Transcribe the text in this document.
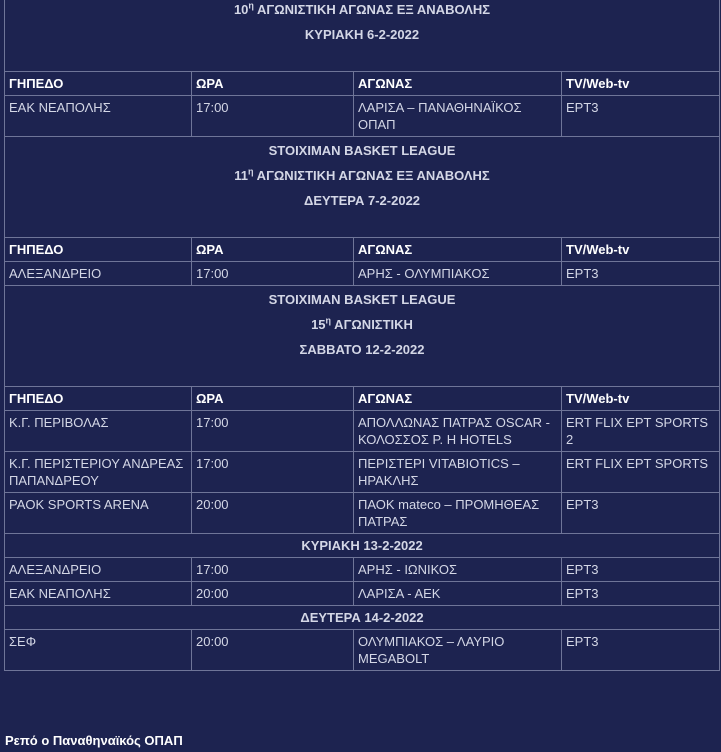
$10^\eta$ ΑΓΩΝΙΣΤΙΚΗ ΑΓΩΝΑΣ ΕΞ ΑΝΑΒΟΛΗΣ			
ΚΥΡΙΑΚΗ 6-2-2022			

ΓΗΠΕΔΟ	ΩΡΑ	ΑΓΩΝΑΣ	TV/Web-tv
ΕΑΚ ΝΕΑΠΟΛΗΣ	17:00	ΛΑΡΙΣΑ – ΠΑΝΑΘΗΝΑΪΚΟΣ ΟΠΑΠ	ΕΡΤ3
STOIXIMAN BASKET LEAGUE			
$11^\eta$ ΑΓΩΝΙΣΤΙΚΗ ΑΓΩΝΑΣ ΕΞ ΑΝΑΒΟΛΗΣ			
ΔΕΥΤΕΡΑ 7-2-2022			

ΓΗΠΕΔΟ	ΩΡΑ	ΑΓΩΝΑΣ	TV/Web-tv
ΑΛΕΞΑΝΔΡΕΙΟ	17:00	ΑΡΗΣ - ΟΛΥΜΠΙΑΚΟΣ	ΕΡΤ3
STOIXIMAN BASKET LEAGUE			
$15^\eta$ ΑΓΩΝΙΣΤΙΚΗ			
ΣΑΒΒΑΤΟ 12-2-2022			

ΓΗΠΕΔΟ	ΩΡΑ	ΑΓΩΝΑΣ	TV/Web-tv
Κ.Γ. ΠΕΡΙΒΟΛΑΣ	17:00	ΑΠΟΛΛΩΝΑΣ ΠΑΤΡΑΣ OSCAR - ΚΟΛΟΣΣΟΣ Ρ. Η HOTELS	ERT FLIX ΕΡΤ SPORTS 2
Κ.Γ. ΠΕΡΙΣΤΕΡΙΟΥ ΑΝΔΡΕΑΣ ΠΑΠΑΝΔΡΕΟΥ	17:00	ΠΕΡΙΣΤΕΡΙ VITABIOTICS – ΗΡΑΚΛΗΣ	ERT FLIX ΕΡΤ SPORTS
PAOK SPORTS ARENA	20:00	ΠΑΟΚ mateco – ΠΡΟΜΗΘΕΑΣ ΠΑΤΡΑΣ	ΕΡΤ3
ΚΥΡΙΑΚΗ 13-2-2022			
ΑΛΕΞΑΝΔΡΕΙΟ	17:00	ΑΡΗΣ - ΙΩΝΙΚΟΣ	ΕΡΤ3
ΕΑΚ ΝΕΑΠΟΛΗΣ	20:00	ΛΑΡΙΣΑ - ΑΕΚ	ΕΡΤ3
ΔΕΥΤΕΡΑ 14-2-2022			
ΣΕΦ	20:00	ΟΛΥΜΠΙΑΚΟΣ – ΛΑΥΡΙΟ MEGABOLT	ΕΡΤ3
Ρεπό ο Παναθηναϊκός ΟΠΑΠ
